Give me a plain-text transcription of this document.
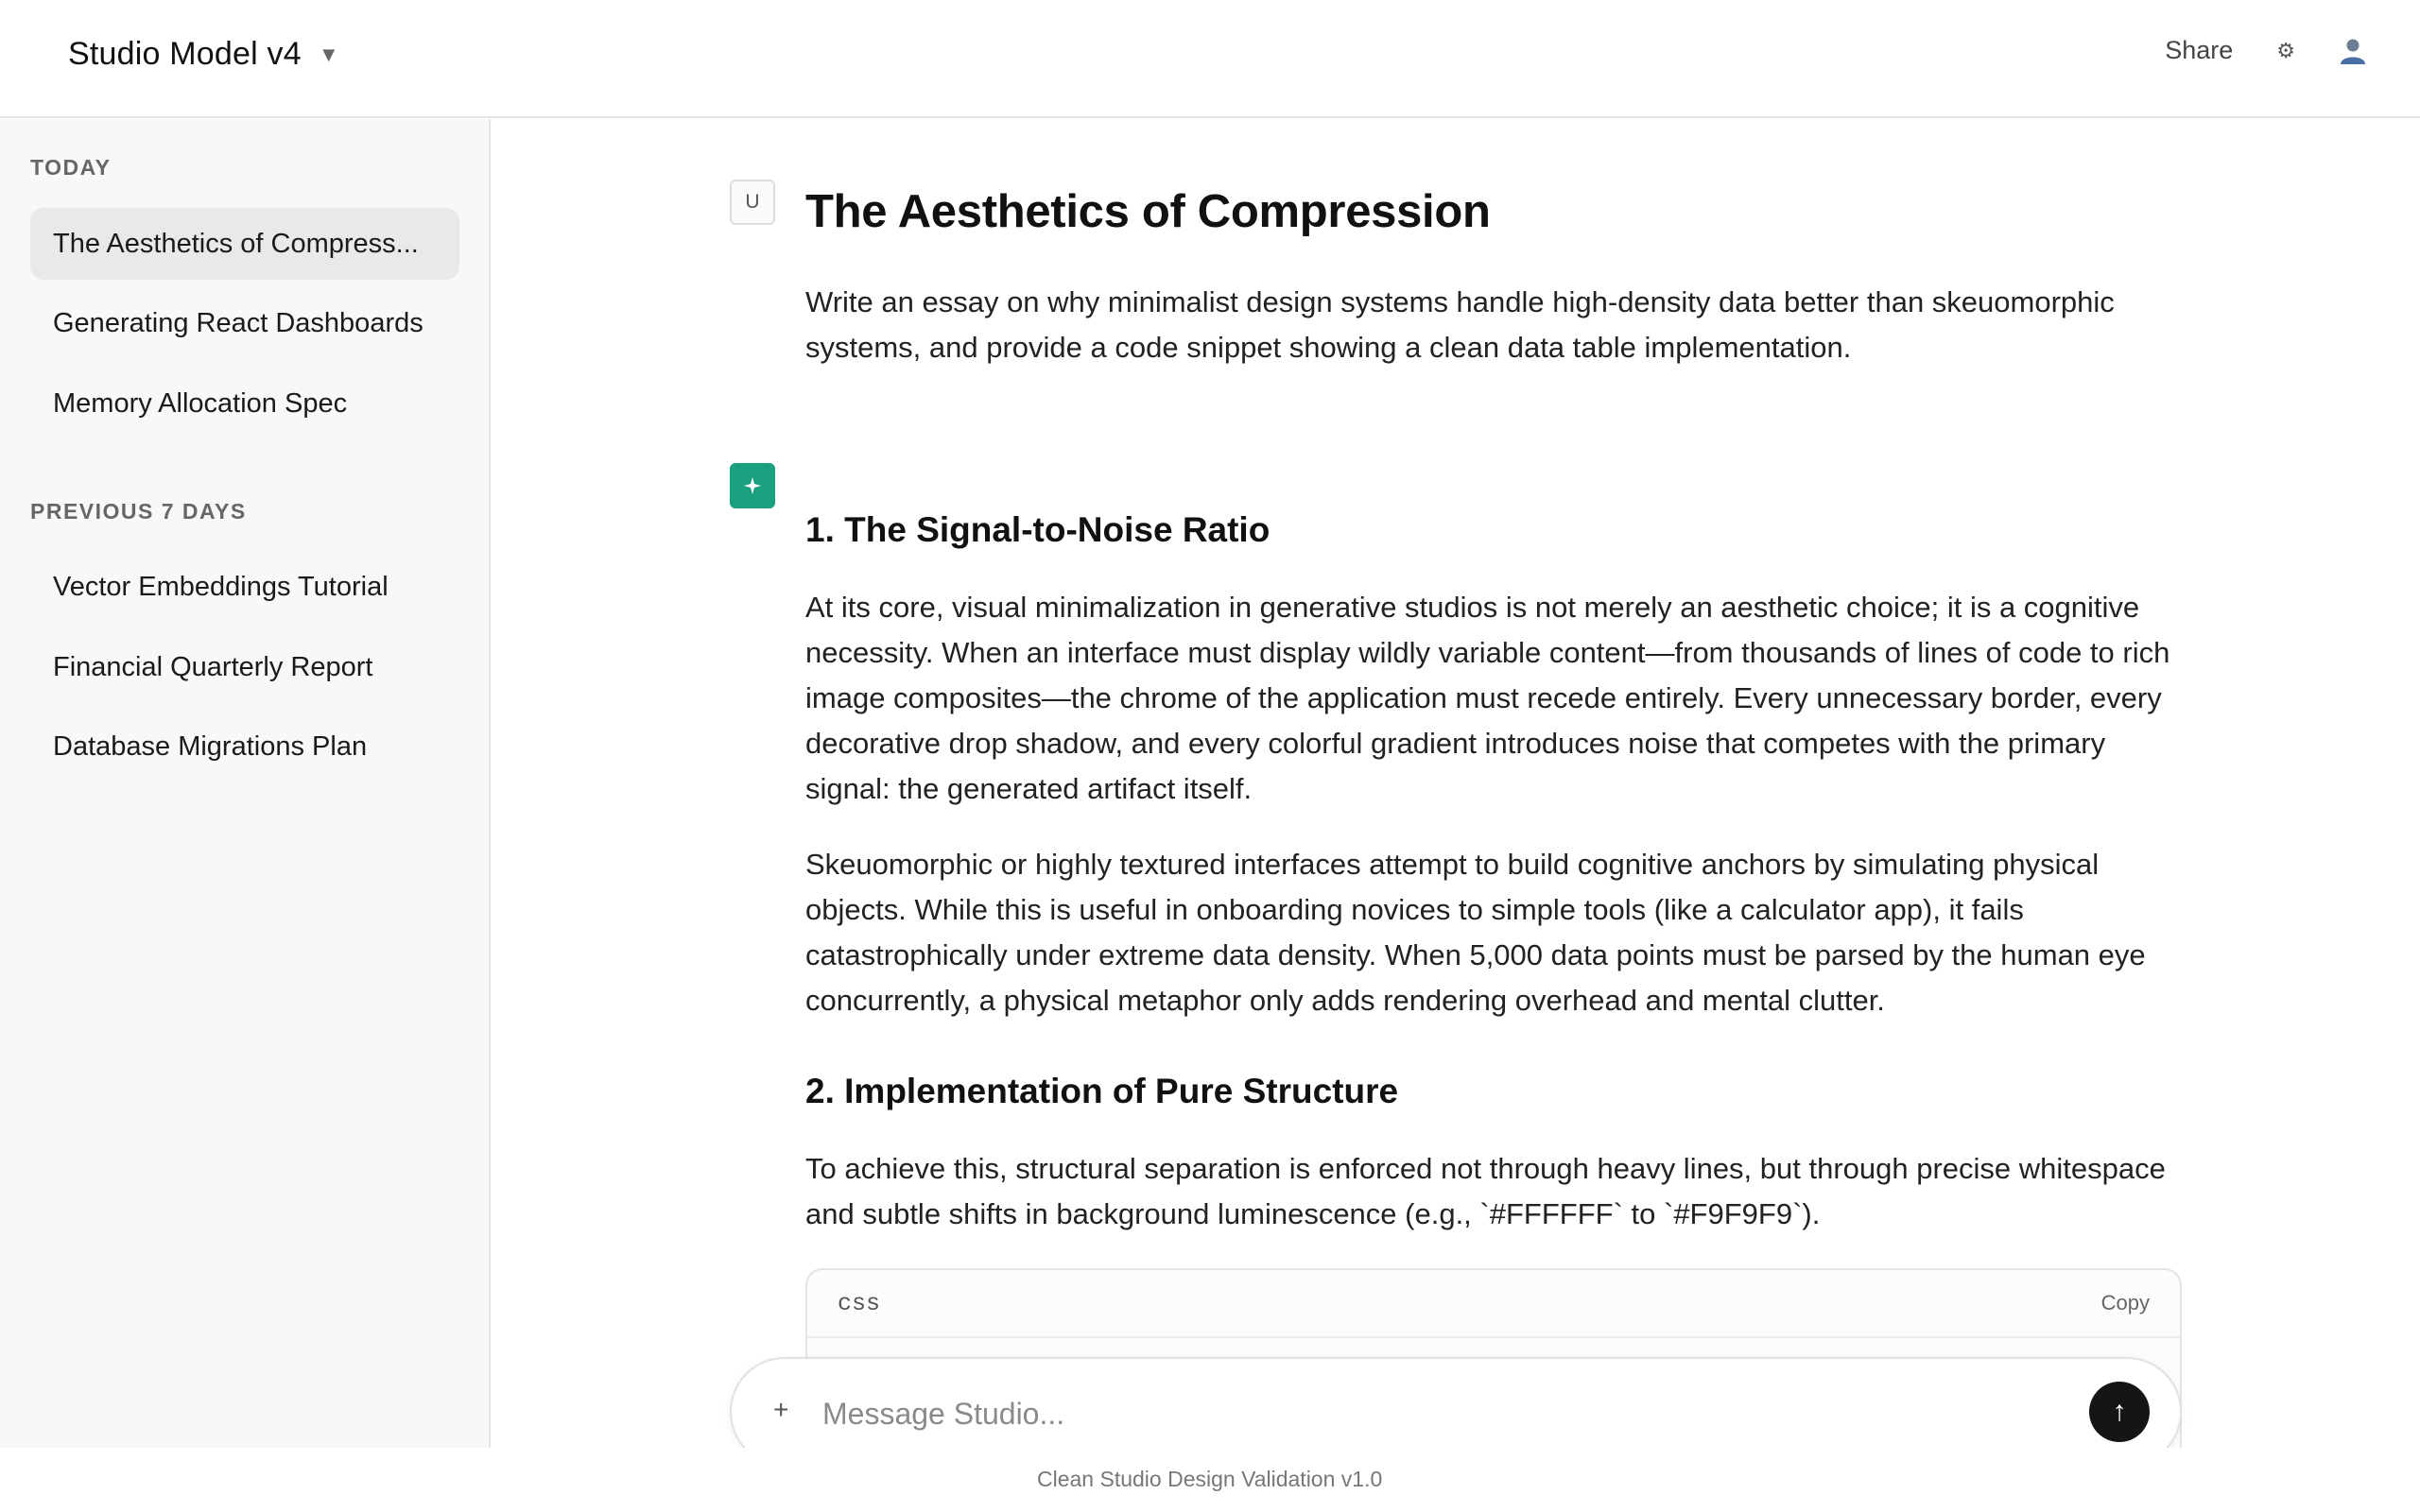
Studio Model v4 ▼	Share ⚙
TODAY
The Aesthetics of Compress...
Generating React Dashboards
Memory Allocation Spec
PREVIOUS 7 DAYS
Vector Embeddings Tutorial
Financial Quarterly Report
Database Migrations Plan
U The Aesthetics of Compression
Write an essay on why minimalist design systems handle high-density data better than skeuomorphic systems, and provide a code snippet showing a clean data table implementation.
1. The Signal-to-Noise Ratio
At its core, visual minimalization in generative studios is not merely an aesthetic choice; it is a cognitive necessity. When an interface must display wildly variable content—from thousands of lines of code to rich image composites—the chrome of the application must recede entirely. Every unnecessary border, every decorative drop shadow, and every colorful gradient introduces noise that competes with the primary signal: the generated artifact itself.
Skeuomorphic or highly textured interfaces attempt to build cognitive anchors by simulating physical objects. While this is useful in onboarding novices to simple tools (like a calculator app), it fails catastrophically under extreme data density. When 5,000 data points must be parsed by the human eye concurrently, a physical metaphor only adds rendering overhead and mental clutter.
2. Implementation of Pure Structure
To achieve this, structural separation is enforced not through heavy lines, but through precise whitespace and subtle shifts in background luminescence (e.g., `#FFFFFF` to `#F9F9F9`).
css	Copy
+
Message Studio...	↑
Clean Studio Design Validation v1.0
